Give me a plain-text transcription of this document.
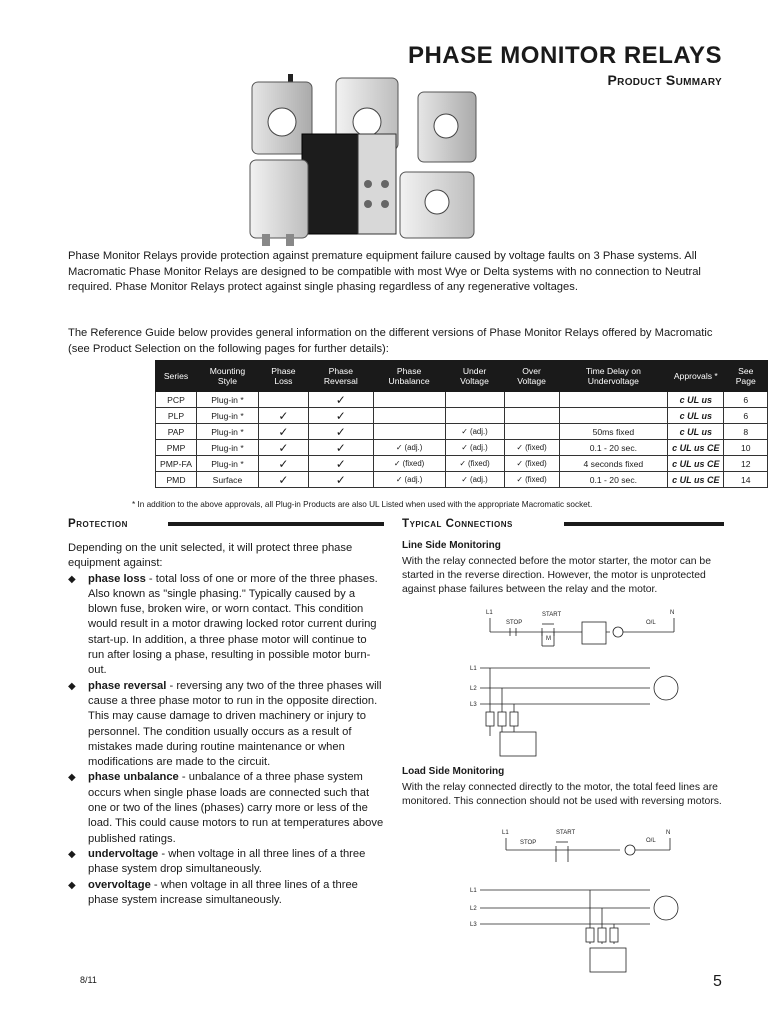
PHASE MONITOR RELAYS
Product Summary
Phase Monitor Relays provide protection against premature equipment failure caused by voltage faults on 3 Phase systems. All Macromatic Phase Monitor Relays are designed to be compatible with most Wye or Delta systems with no connection to Neutral required. Phase Monitor Relays protect against single phasing regardless of any regenerative voltages.
The Reference Guide below provides general information on the different versions of Phase Monitor Relays offered by Macromatic (see Product Selection on the following pages for further details):
Series	Mounting Style	Phase Loss	Phase Reversal	Phase Unbalance	Under Voltage	Over Voltage	Time Delay on Undervoltage	Approvals *	See Page
PCP	Plug-in *		✓					c UL us	6
PLP	Plug-in *	✓	✓					c UL us	6
PAP	Plug-in *	✓	✓		✓ (adj.)		50ms fixed	c UL us	8
PMP	Plug-in *	✓	✓	✓ (adj.)	✓ (adj.)	✓ (fixed)	0.1 - 20 sec.	c UL us CE	10
PMP-FA	Plug-in *	✓	✓	✓ (fixed)	✓ (fixed)	✓ (fixed)	4 seconds fixed	c UL us CE	12
PMD	Surface	✓	✓	✓ (adj.)	✓ (adj.)	✓ (fixed)	0.1 - 20 sec.	c UL us CE	14
* In addition to the above approvals, all Plug-in Products are also UL Listed when used with the appropriate Macromatic socket.
Protection	Typical Connections
Depending on the unit selected, it will protect three phase equipment against:
◆ phase loss - total loss of one or more of the three phases. Also known as "single phasing." Typically caused by a blown fuse, broken wire, or worn contact. This condition would result in a motor drawing locked rotor current during start-up. In addition, a three phase motor will continue to run after losing a phase, resulting in possible motor burn-out.
◆ phase reversal - reversing any two of the three phases will cause a three phase motor to run in the opposite direction. This may cause damage to driven machinery or injury to personnel. The condition usually occurs as a result of mistakes made during routine maintenance or when modifications are made to the circuit.
◆ phase unbalance - unbalance of a three phase system occurs when single phase loads are connected such that one or two of the lines (phases) carry more or less of the load. This could cause motors to run at temperatures above published ratings.
◆ undervoltage - when voltage in all three lines of a three phase system drop simultaneously.
◆ overvoltage - when voltage in all three lines of a three phase system increase simultaneously.
Line Side Monitoring
With the relay connected before the motor starter, the motor can be started in the reverse direction. However, the motor is unprotected against phase failures between the relay and the motor.
L1	N
STOP
START
O/L
M
L1
L2
L3
Load Side Monitoring
With the relay connected directly to the motor, the total feed lines are monitored. This connection should not be used with reversing motors.
L1	N
STOP
START
O/L
L1
L2
L3
8/11	5
